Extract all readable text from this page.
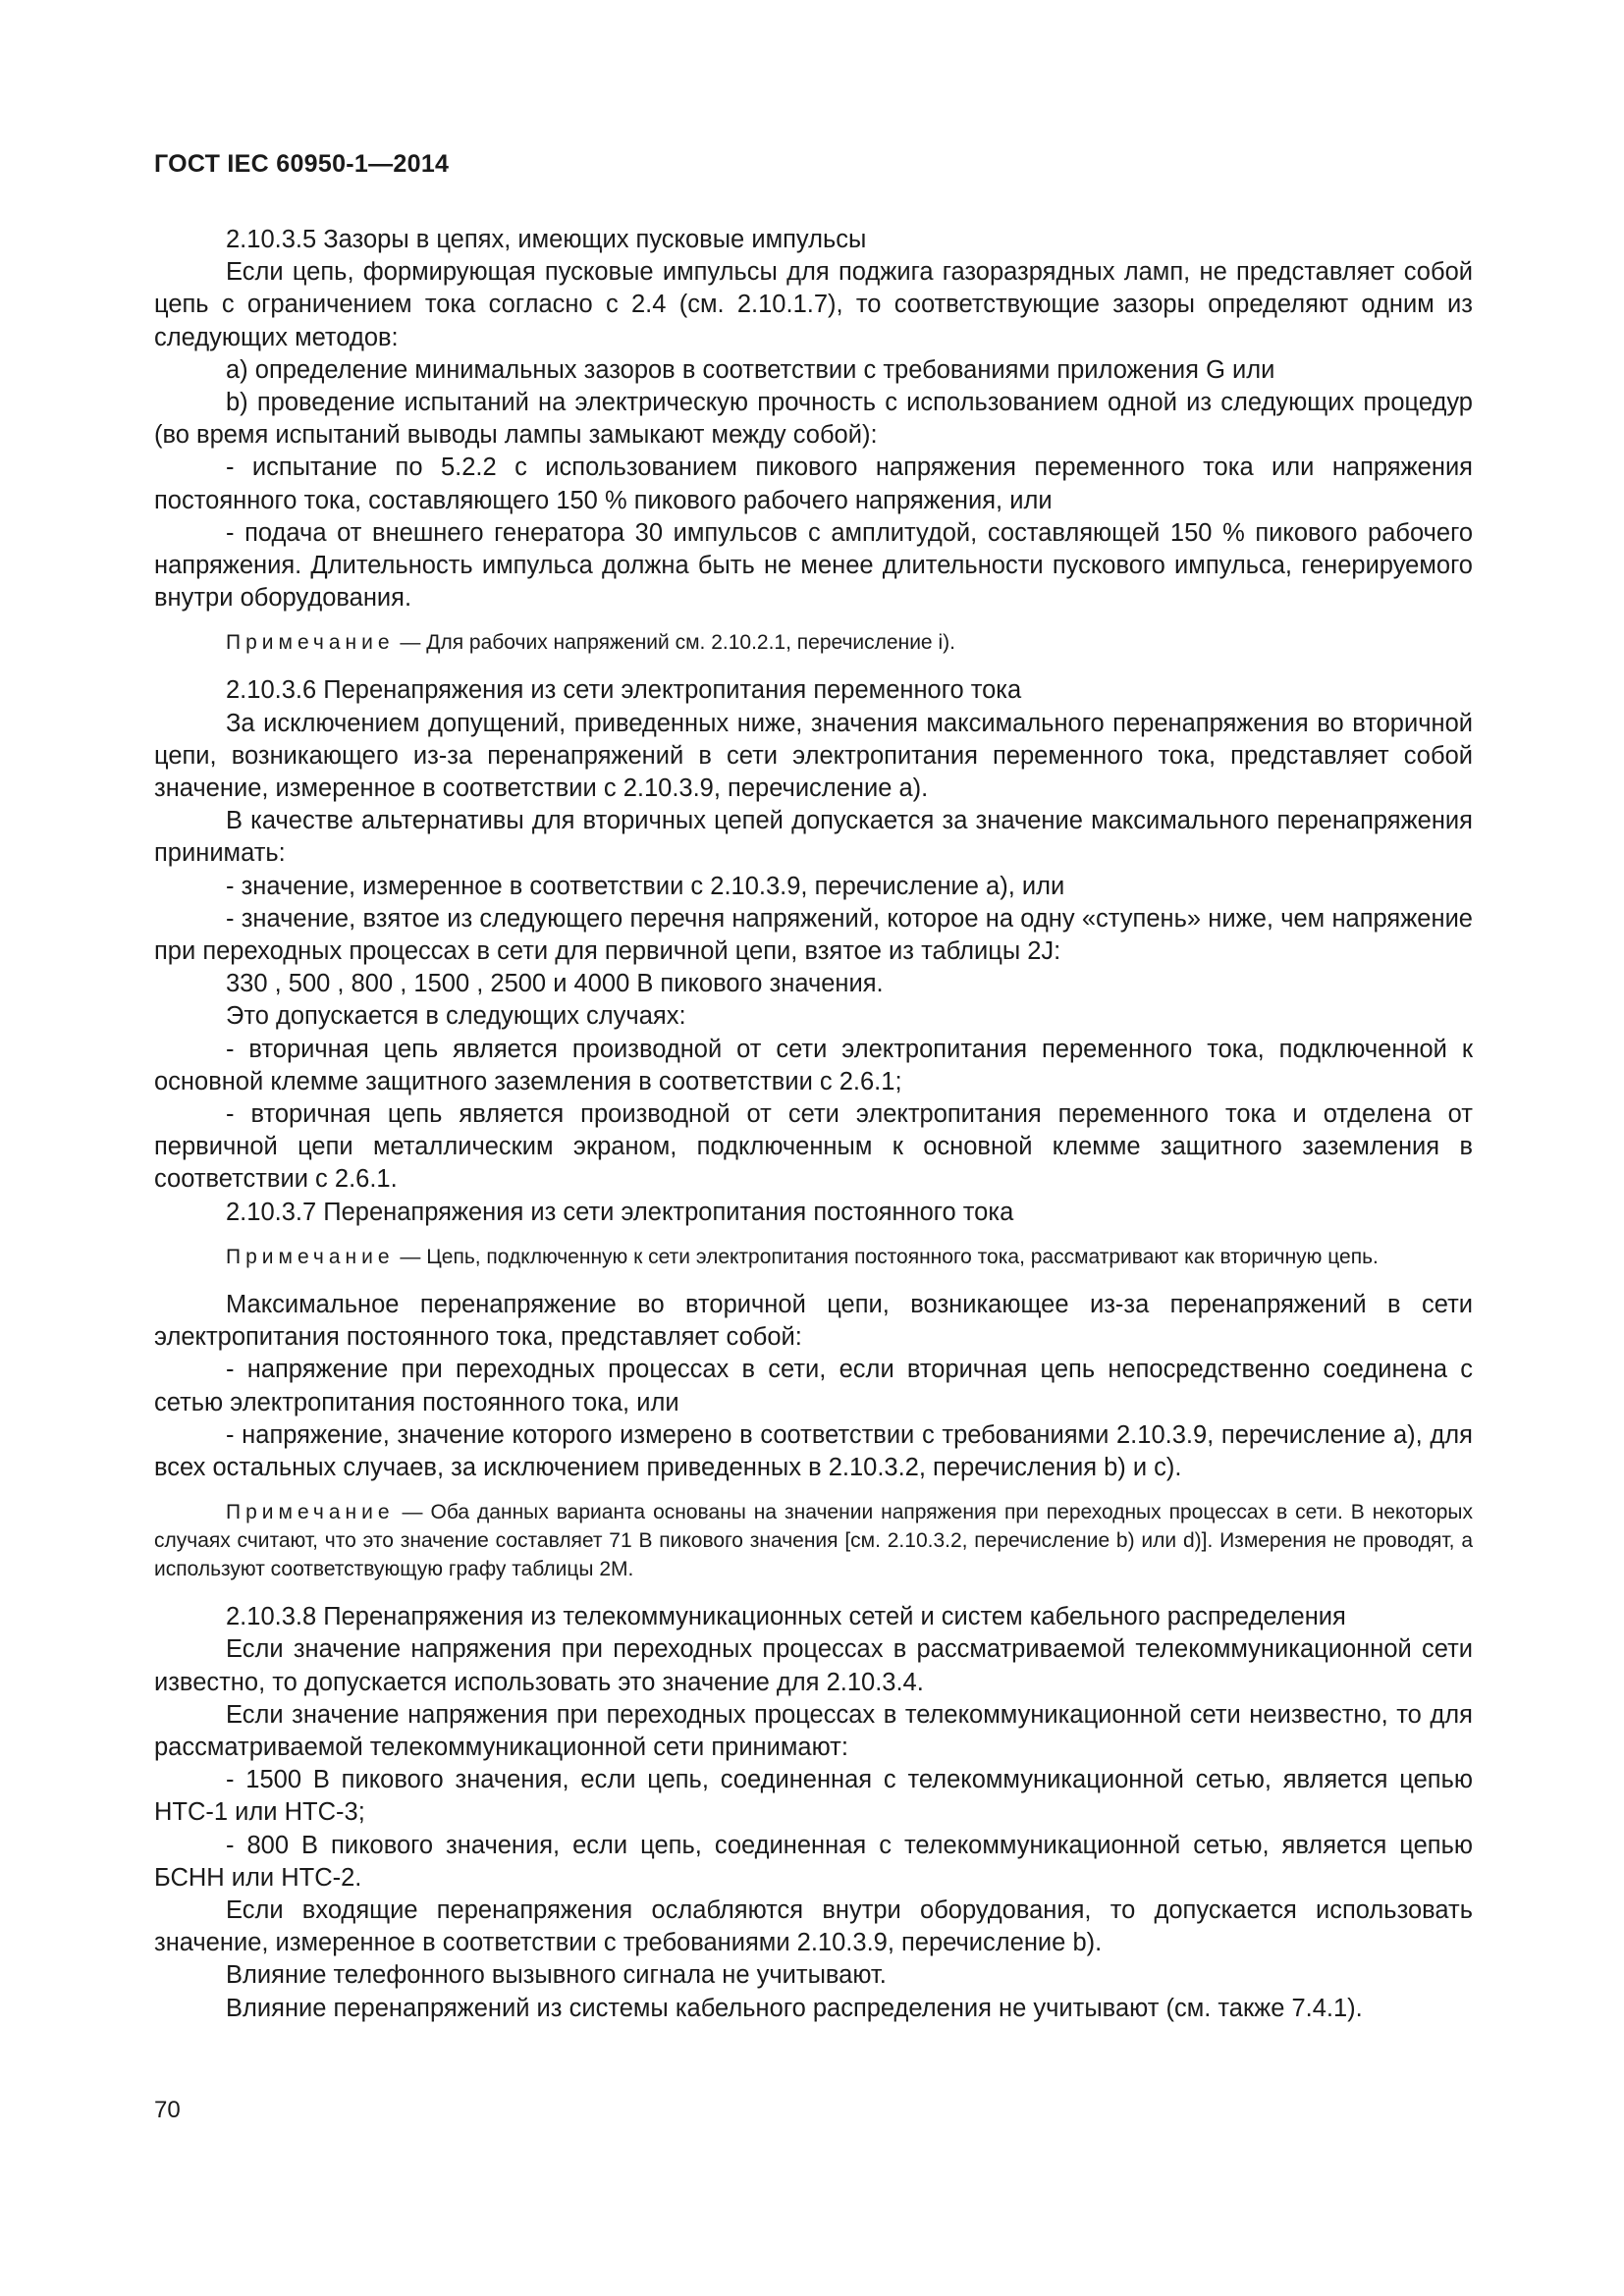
ГОСТ IEC 60950-1—2014

2.10.3.5 Зазоры в цепях, имеющих пусковые импульсы

Если цепь, формирующая пусковые импульсы для поджига газоразрядных ламп, не представляет собой цепь с ограничением тока согласно с 2.4 (см. 2.10.1.7), то соответствующие зазоры определяют одним из следующих методов:

а) определение минимальных зазоров в соответствии с требованиями приложения G или

b) проведение испытаний на электрическую прочность с использованием одной из следующих процедур (во время испытаний выводы лампы замыкают между собой):

- испытание по 5.2.2 с использованием пикового напряжения переменного тока или напряжения постоянного тока, составляющего 150 % пикового рабочего напряжения, или

- подача от внешнего генератора 30 импульсов с амплитудой, составляющей 150 % пикового рабочего напряжения. Длительность импульса должна быть не менее длительности пускового импульса, генерируемого внутри оборудования.

Примечание — Для рабочих напряжений см. 2.10.2.1, перечисление i).

2.10.3.6 Перенапряжения из сети электропитания переменного тока

За исключением допущений, приведенных ниже, значения максимального перенапряжения во вторичной цепи, возникающего из-за перенапряжений в сети электропитания переменного тока, представляет собой значение, измеренное в соответствии с 2.10.3.9, перечисление а).

В качестве альтернативы для вторичных цепей допускается за значение максимального перенапряжения принимать:

- значение, измеренное в соответствии с 2.10.3.9, перечисление а), или

- значение, взятое из следующего перечня напряжений, которое на одну «ступень» ниже, чем напряжение при переходных процессах в сети для первичной цепи, взятое из таблицы 2J:

330 , 500 , 800 , 1500 , 2500 и 4000 В пикового значения.

Это допускается в следующих случаях:

- вторичная цепь является производной от сети электропитания переменного тока, подключенной к основной клемме защитного заземления в соответствии с 2.6.1;

- вторичная цепь является производной от сети электропитания переменного тока и отделена от первичной цепи металлическим экраном, подключенным к основной клемме защитного заземления в соответствии с 2.6.1.

2.10.3.7 Перенапряжения из сети электропитания постоянного тока

Примечание — Цепь, подключенную к сети электропитания постоянного тока, рассматривают как вторичную цепь.

Максимальное перенапряжение во вторичной цепи, возникающее из-за перенапряжений в сети электропитания постоянного тока, представляет собой:

- напряжение при переходных процессах в сети, если вторичная цепь непосредственно соединена с сетью электропитания постоянного тока, или

- напряжение, значение которого измерено в соответствии с требованиями 2.10.3.9, перечисление а), для всех остальных случаев, за исключением приведенных в 2.10.3.2, перечисления b) и с).

Примечание — Оба данных варианта основаны на значении напряжения при переходных процессах в сети. В некоторых случаях считают, что это значение составляет 71 В пикового значения [см. 2.10.3.2, перечисление b) или d)]. Измерения не проводят, а используют соответствующую графу таблицы 2М.

2.10.3.8 Перенапряжения из телекоммуникационных сетей и систем кабельного распределения

Если значение напряжения при переходных процессах в рассматриваемой телекоммуникационной сети известно, то допускается использовать это значение для 2.10.3.4.

Если значение напряжения при переходных процессах в телекоммуникационной сети неизвестно, то для рассматриваемой телекоммуникационной сети принимают:

- 1500 В пикового значения, если цепь, соединенная с телекоммуникационной сетью, является цепью НТС-1 или НТС-3;

- 800 В пикового значения, если цепь, соединенная с телекоммуникационной сетью, является цепью БСНН или НТС-2.

Если входящие перенапряжения ослабляются внутри оборудования, то допускается использовать значение, измеренное в соответствии с требованиями 2.10.3.9, перечисление b).

Влияние телефонного вызывного сигнала не учитывают.

Влияние перенапряжений из системы кабельного распределения не учитывают (см. также 7.4.1).

70
